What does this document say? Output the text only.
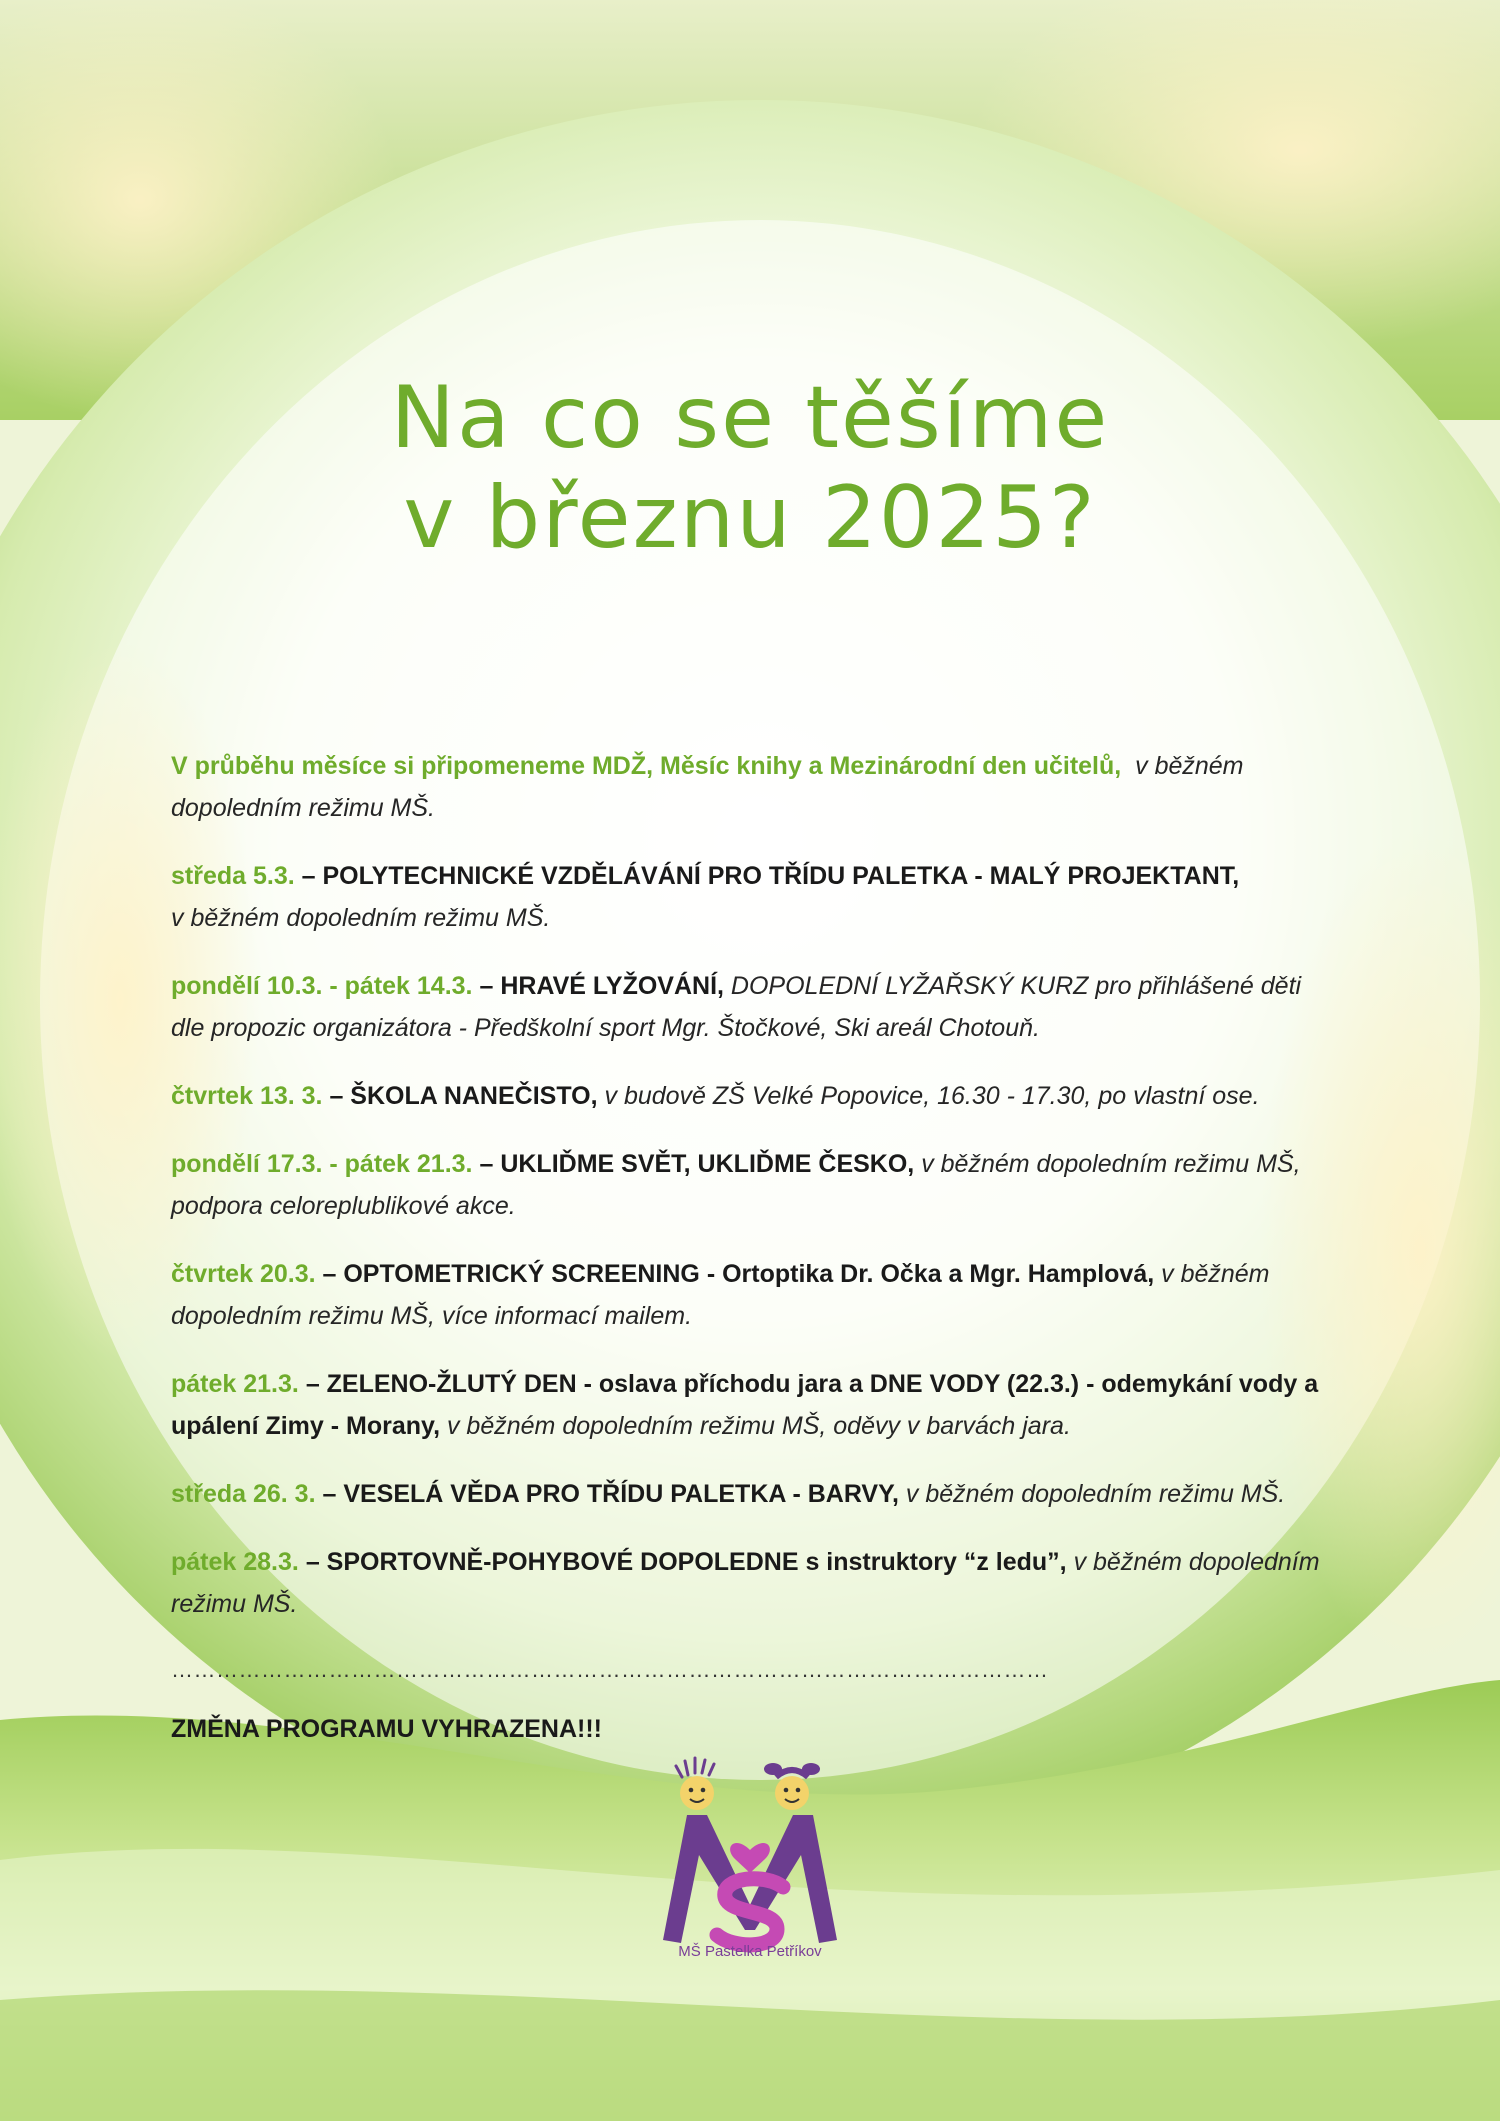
Na co se těšíme
v březnu 2025?

V průběhu měsíce si připomeneme MDŽ, Měsíc knihy a Mezinárodní den učitelů, v běžném dopoledním režimu MŠ.

středa 5.3. – POLYTECHNICKÉ VZDĚLÁVÁNÍ PRO TŘÍDU PALETKA - MALÝ PROJEKTANT,
v běžném dopoledním režimu MŠ.

pondělí 10.3. - pátek 14.3. – HRAVÉ LYŽOVÁNÍ, DOPOLEDNÍ LYŽAŘSKÝ KURZ pro přihlášené děti dle propozic organizátora - Předškolní sport Mgr. Štočkové, Ski areál Chotouň.

čtvrtek 13. 3. – ŠKOLA NANEČISTO, v budově ZŠ Velké Popovice, 16.30 - 17.30, po vlastní ose.

pondělí 17.3. - pátek 21.3. – UKLIĎME SVĚT, UKLIĎME ČESKO, v běžném dopoledním režimu MŠ, podpora celoreplublikové akce.

čtvrtek 20.3. – OPTOMETRICKÝ SCREENING - Ortoptika Dr. Očka a Mgr. Hamplová, v běžném dopoledním režimu MŠ, více informací mailem.

pátek 21.3. – ZELENO-ŽLUTÝ DEN - oslava příchodu jara a DNE VODY (22.3.) - odemykání vody a upálení Zimy - Morany, v běžném dopoledním režimu MŠ, oděvy v barvách jara.

středa 26. 3. – VESELÁ VĚDA PRO TŘÍDU PALETKA - BARVY, v běžném dopoledním režimu MŠ.

pátek 28.3. – SPORTOVNĚ-POHYBOVÉ DOPOLEDNE s instruktory “z ledu”, v běžném dopoledním režimu MŠ.

………………………………………………………………………………………………………
ZMĚNA PROGRAMU VYHRAZENA!!!
MŠ Pastelka Petříkov
